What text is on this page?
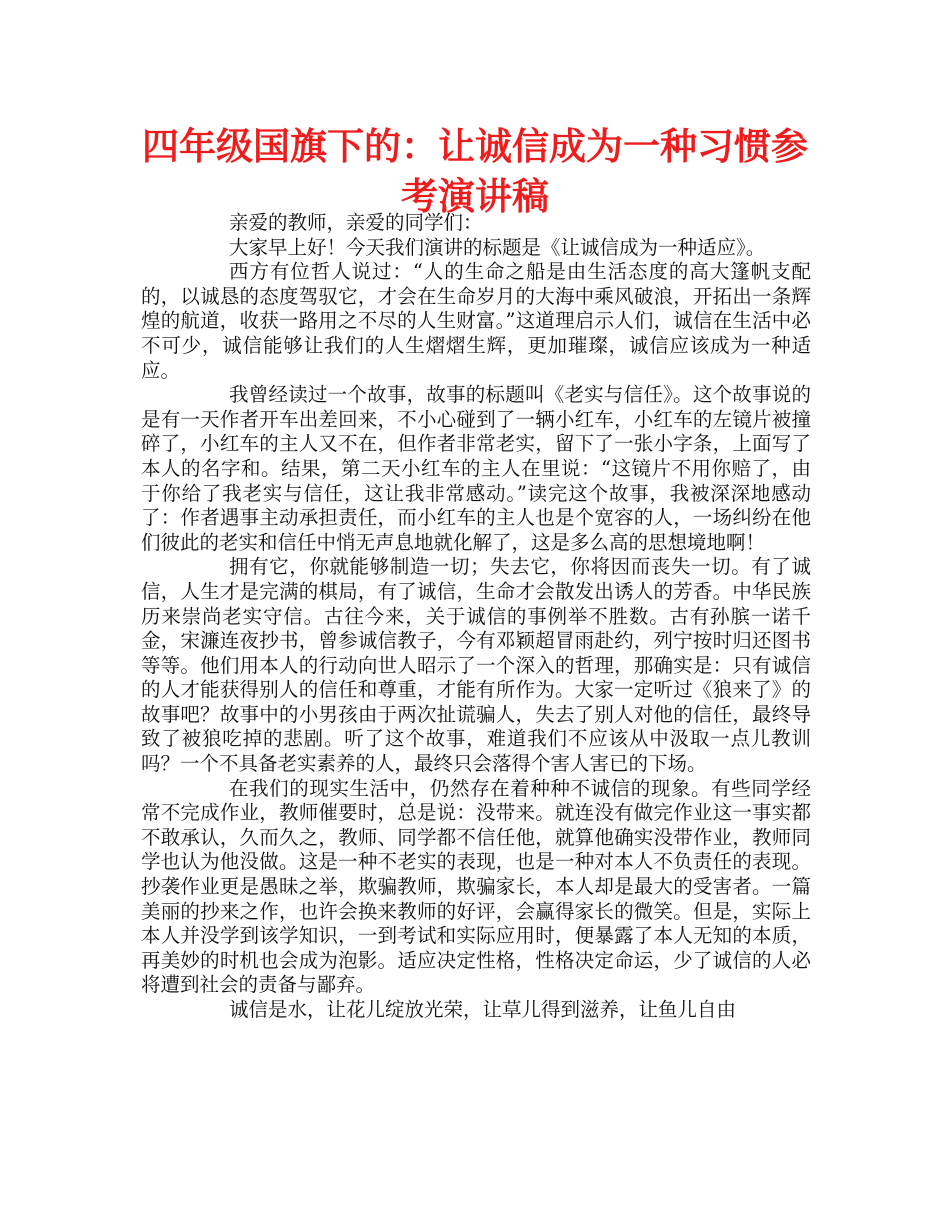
四年级国旗下的：让诚信成为一种习惯参考演讲稿

亲爱的教师，亲爱的同学们：

大家早上好！今天我们演讲的标题是《让诚信成为一种适应》。

西方有位哲人说过：“人的生命之船是由生活态度的高大篷帆支配的，以诚恳的态度驾驭它，才会在生命岁月的大海中乘风破浪，开拓出一条辉煌的航道，收获一路用之不尽的人生财富。”这道理启示人们，诚信在生活中必不可少，诚信能够让我们的人生熠熠生辉，更加璀璨，诚信应该成为一种适应。

我曾经读过一个故事，故事的标题叫《老实与信任》。这个故事说的是有一天作者开车出差回来，不小心碰到了一辆小红车，小红车的左镜片被撞碎了，小红车的主人又不在，但作者非常老实，留下了一张小字条，上面写了本人的名字和。结果，第二天小红车的主人在里说：“这镜片不用你赔了，由于你给了我老实与信任，这让我非常感动。”读完这个故事，我被深深地感动了：作者遇事主动承担责任，而小红车的主人也是个宽容的人，一场纠纷在他们彼此的老实和信任中悄无声息地就化解了，这是多么高的思想境地啊！

拥有它，你就能够制造一切；失去它，你将因而丧失一切。有了诚信，人生才是完满的棋局，有了诚信，生命才会散发出诱人的芳香。中华民族历来崇尚老实守信。古往今来，关于诚信的事例举不胜数。古有孙膑一诺千金，宋濂连夜抄书，曾参诚信教子，今有邓颖超冒雨赴约，列宁按时归还图书等等。他们用本人的行动向世人昭示了一个深入的哲理，那确实是：只有诚信的人才能获得别人的信任和尊重，才能有所作为。大家一定听过《狼来了》的故事吧？故事中的小男孩由于两次扯谎骗人，失去了别人对他的信任，最终导致了被狼吃掉的悲剧。听了这个故事，难道我们不应该从中汲取一点儿教训吗？一个不具备老实素养的人，最终只会落得个害人害已的下场。

在我们的现实生活中，仍然存在着种种不诚信的现象。有些同学经常不完成作业，教师催要时，总是说：没带来。就连没有做完作业这一事实都不敢承认，久而久之，教师、同学都不信任他，就算他确实没带作业，教师同学也认为他没做。这是一种不老实的表现，也是一种对本人不负责任的表现。抄袭作业更是愚昧之举，欺骗教师，欺骗家长，本人却是最大的受害者。一篇美丽的抄来之作，也许会换来教师的好评，会赢得家长的微笑。但是，实际上本人并没学到该学知识，一到考试和实际应用时，便暴露了本人无知的本质，再美妙的时机也会成为泡影。适应决定性格，性格决定命运，少了诚信的人必将遭到社会的责备与鄙弃。

诚信是水，让花儿绽放光荣，让草儿得到滋养，让鱼儿自由
